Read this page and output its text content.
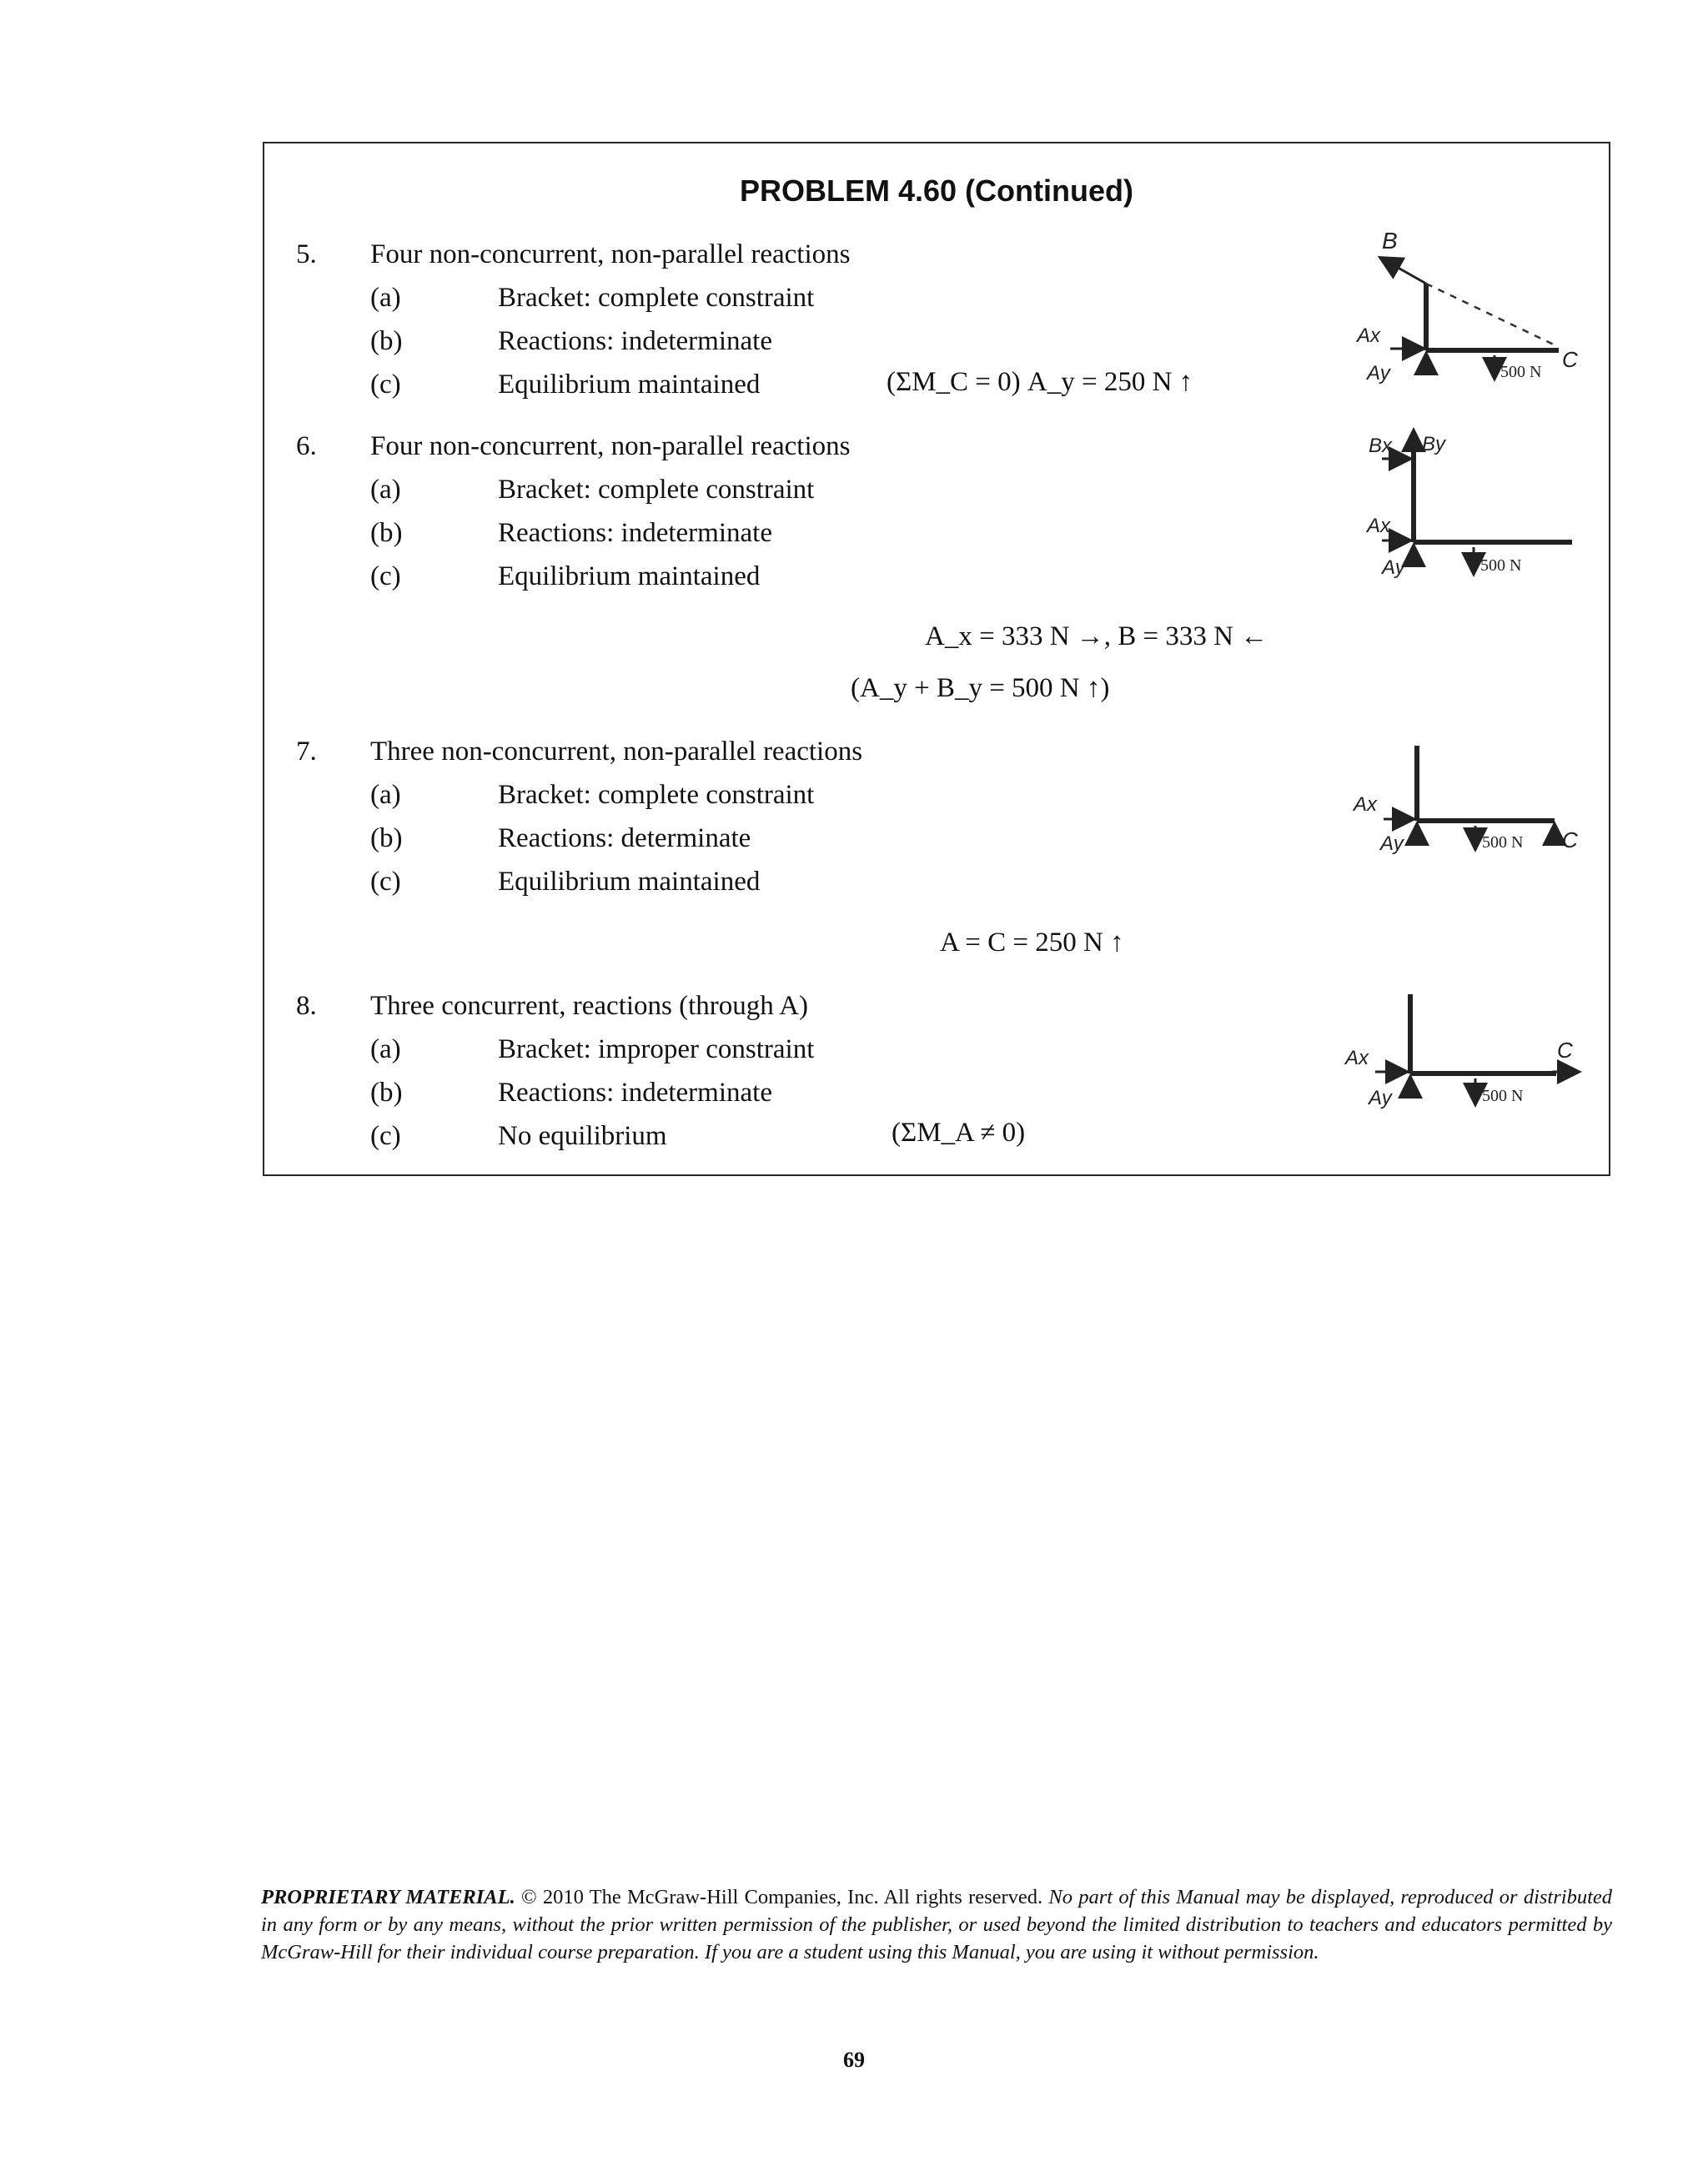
PROBLEM 4.60 (Continued)
5. Four non-concurrent, non-parallel reactions
(a)	Bracket: complete constraint
(b)	Reactions: indeterminate
(c)	Equilibrium maintained	(ΣM_C = 0) A_y = 250 N ↑
6. Four non-concurrent, non-parallel reactions
(a)	Bracket: complete constraint
(b)	Reactions: indeterminate
(c)	Equilibrium maintained
A_x = 333 N →, B = 333 N ←
(A_y + B_y = 500 N ↑)
7. Three non-concurrent, non-parallel reactions
(a)	Bracket: complete constraint
(b)	Reactions: determinate
(c)	Equilibrium maintained
A = C = 250 N ↑
8. Three concurrent, reactions (through A)
(a)	Bracket: improper constraint
(b)	Reactions: indeterminate
(c)	No equilibrium	(ΣM_A ≠ 0)
B
Ax
Ay	500 N C
Bx By
Ax
Ay	500 N
Ax
Ay	500 N C
Ax
Ay	500 N
C
PROPRIETARY MATERIAL. © 2010 The McGraw-Hill Companies, Inc. All rights reserved. No part of this Manual may be displayed, reproduced or distributed in any form or by any means, without the prior written permission of the publisher, or used beyond the limited distribution to teachers and educators permitted by McGraw-Hill for their individual course preparation. If you are a student using this Manual, you are using it without permission.
69
